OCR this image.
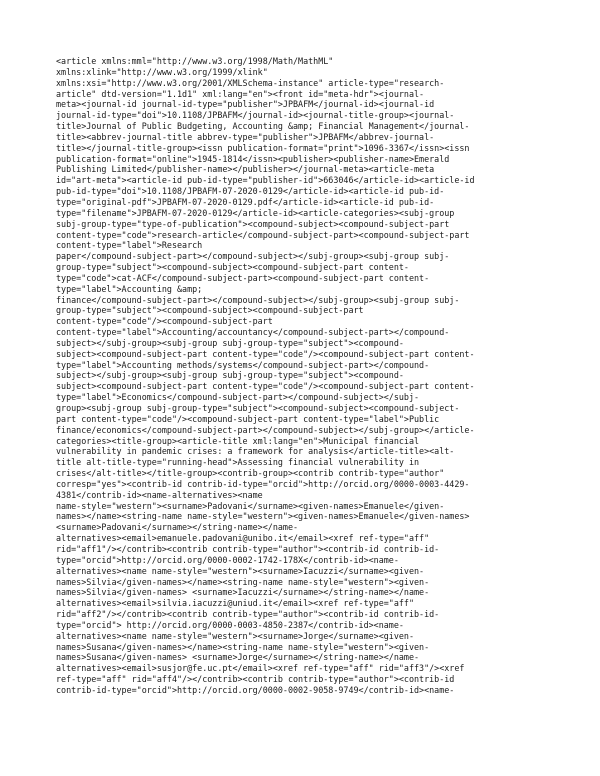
<article xmlns:mml="http://www.w3.org/1998/Math/MathML"
xmlns:xlink="http://www.w3.org/1999/xlink"
xmlns:xsi="http://www.w3.org/2001/XMLSchema-instance" article-type="research-
article" dtd-version="1.1d1" xml:lang="en"><front id="meta-hdr"><journal-
meta><journal-id journal-id-type="publisher">JPBAFM</journal-id><journal-id
journal-id-type="doi">10.1108/JPBAFM</journal-id><journal-title-group><journal-
title>Journal of Public Budgeting, Accounting &amp; Financial Management</journal-
title><abbrev-journal-title abbrev-type="publisher">JPBAFM</abbrev-journal-
title></journal-title-group><issn publication-format="print">1096-3367</issn><issn
publication-format="online">1945-1814</issn><publisher><publisher-name>Emerald
Publishing Limited</publisher-name></publisher></journal-meta><article-meta
id="art-meta"><article-id pub-id-type="publisher-id">663046</article-id><article-id
pub-id-type="doi">10.1108/JPBAFM-07-2020-0129</article-id><article-id pub-id-
type="original-pdf">JPBAFM-07-2020-0129.pdf</article-id><article-id pub-id-
type="filename">JPBAFM-07-2020-0129</article-id><article-categories><subj-group
subj-group-type="type-of-publication"><compound-subject><compound-subject-part
content-type="code">research-article</compound-subject-part><compound-subject-part
content-type="label">Research
paper</compound-subject-part></compound-subject></subj-group><subj-group subj-
group-type="subject"><compound-subject><compound-subject-part content-
type="code">cat-ACF</compound-subject-part><compound-subject-part content-
type="label">Accounting &amp;
finance</compound-subject-part></compound-subject></subj-group><subj-group subj-
group-type="subject"><compound-subject><compound-subject-part
content-type="code"/><compound-subject-part
content-type="label">Accounting/accountancy</compound-subject-part></compound-
subject></subj-group><subj-group subj-group-type="subject"><compound-
subject><compound-subject-part content-type="code"/><compound-subject-part content-
type="label">Accounting methods/systems</compound-subject-part></compound-
subject></subj-group><subj-group subj-group-type="subject"><compound-
subject><compound-subject-part content-type="code"/><compound-subject-part content-
type="label">Economics</compound-subject-part></compound-subject></subj-
group><subj-group subj-group-type="subject"><compound-subject><compound-subject-
part content-type="code"/><compound-subject-part content-type="label">Public
finance/economics</compound-subject-part></compound-subject></subj-group></article-
categories><title-group><article-title xml:lang="en">Municipal financial
vulnerability in pandemic crises: a framework for analysis</article-title><alt-
title alt-title-type="running-head">Assessing financial vulnerability in
crises</alt-title></title-group><contrib-group><contrib contrib-type="author"
corresp="yes"><contrib-id contrib-id-type="orcid">http://orcid.org/0000-0003-4429-
4381</contrib-id><name-alternatives><name
name-style="western"><surname>Padovani</surname><given-names>Emanuele</given-
names></name><string-name name-style="western"><given-names>Emanuele</given-names>
<surname>Padovani</surname></string-name></name-
alternatives><email>emanuele.padovani@unibo.it</email><xref ref-type="aff"
rid="aff1"/></contrib><contrib contrib-type="author"><contrib-id contrib-id-
type="orcid">http://orcid.org/0000-0002-1742-178X</contrib-id><name-
alternatives><name name-style="western"><surname>Iacuzzi</surname><given-
names>Silvia</given-names></name><string-name name-style="western"><given-
names>Silvia</given-names> <surname>Iacuzzi</surname></string-name></name-
alternatives><email>silvia.iacuzzi@uniud.it</email><xref ref-type="aff"
rid="aff2"/></contrib><contrib contrib-type="author"><contrib-id contrib-id-
type="orcid"> http://orcid.org/0000-0003-4850-2387</contrib-id><name-
alternatives><name name-style="western"><surname>Jorge</surname><given-
names>Susana</given-names></name><string-name name-style="western"><given-
names>Susana</given-names> <surname>Jorge</surname></string-name></name-
alternatives><email>susjor@fe.uc.pt</email><xref ref-type="aff" rid="aff3"/><xref
ref-type="aff" rid="aff4"/></contrib><contrib contrib-type="author"><contrib-id
contrib-id-type="orcid">http://orcid.org/0000-0002-9058-9749</contrib-id><name-
